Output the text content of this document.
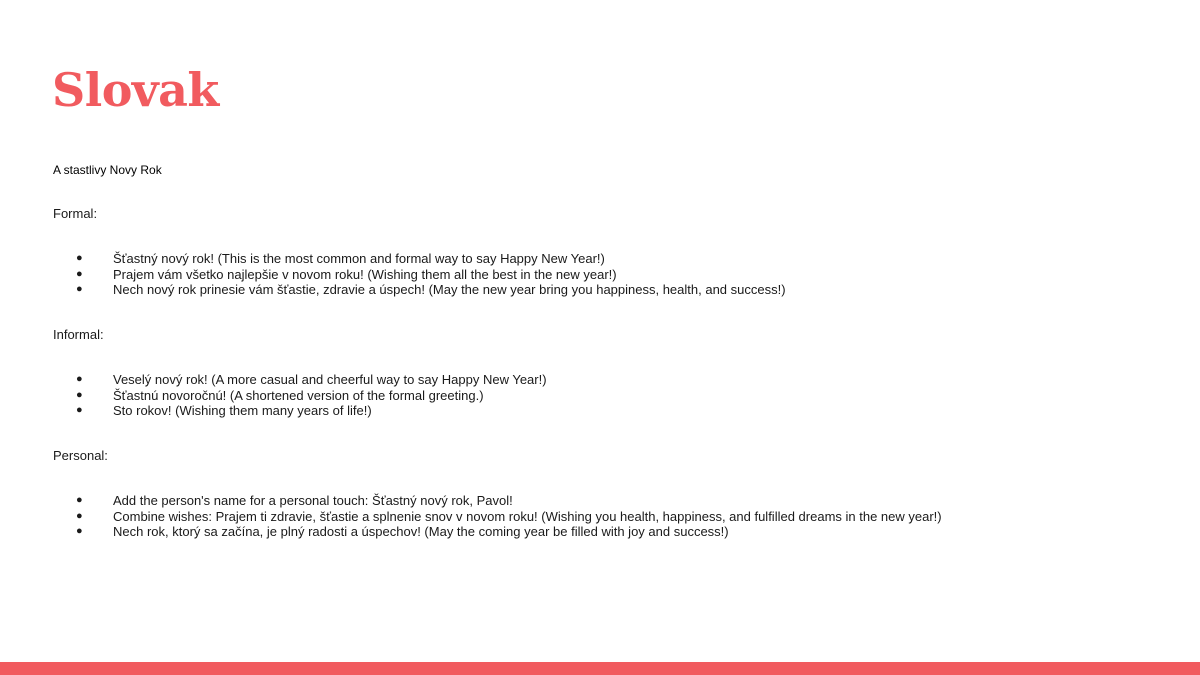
Slovak
A stastlivy Novy Rok
Formal:
● Šťastný nový rok! (This is the most common and formal way to say Happy New Year!)
● Prajem vám všetko najlepšie v novom roku! (Wishing them all the best in the new year!)
● Nech nový rok prinesie vám šťastie, zdravie a úspech! (May the new year bring you happiness, health, and success!)
Informal:
● Veselý nový rok! (A more casual and cheerful way to say Happy New Year!)
● Šťastnú novoročnú! (A shortened version of the formal greeting.)
● Sto rokov! (Wishing them many years of life!)
Personal:
● Add the person's name for a personal touch: Šťastný nový rok, Pavol!
● Combine wishes: Prajem ti zdravie, šťastie a splnenie snov v novom roku! (Wishing you health, happiness, and fulfilled dreams in the new year!)
● Nech rok, ktorý sa začína, je plný radosti a úspechov! (May the coming year be filled with joy and success!)
